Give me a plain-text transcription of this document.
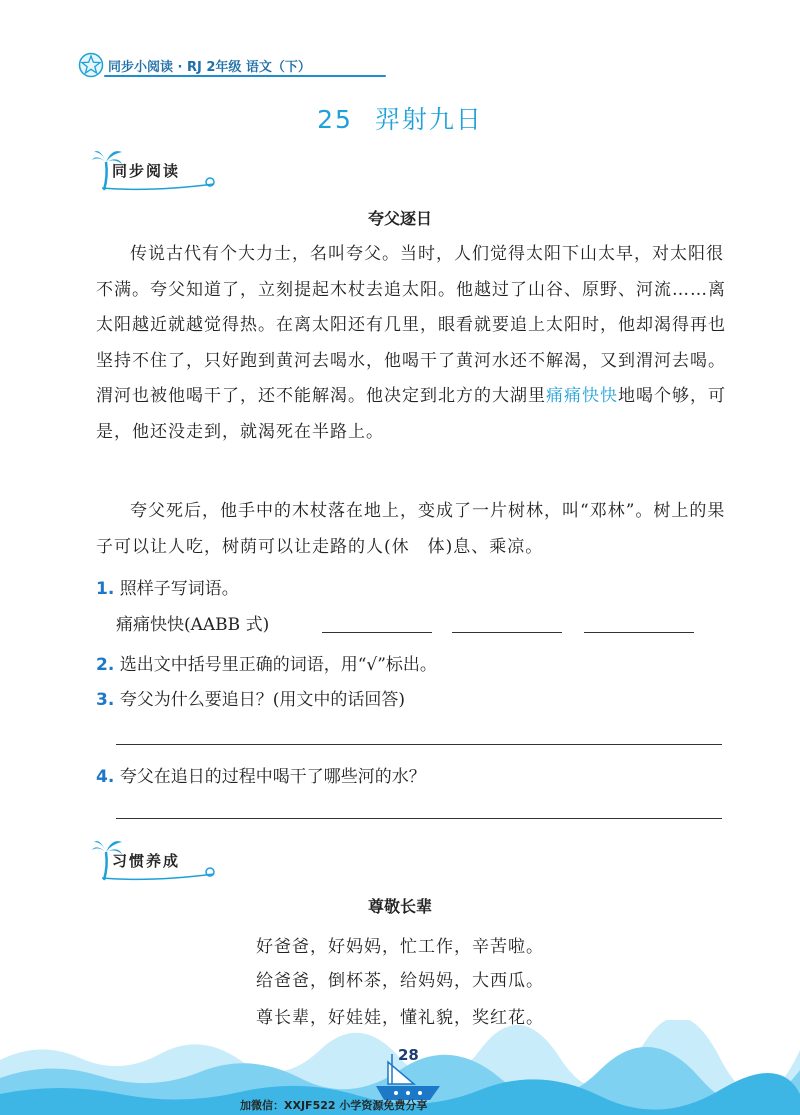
同步小阅读 · RJ 2年级 语文（下）
25 羿射九日
同步阅读
夸父逐日

传说古代有个大力士，名叫夸父。当时，人们觉得太阳下山太早，对太阳很不满。夸父知道了，立刻提起木杖去追太阳。他越过了山谷、原野、河流……离太阳越近就越觉得热。在离太阳还有几里，眼看就要追上太阳时，他却渴得再也坚持不住了，只好跑到黄河去喝水，他喝干了黄河水还不解渴，又到渭河去喝。渭河也被他喝干了，还不能解渴。他决定到北方的大湖里痛痛快快地喝个够，可是，他还没走到，就渴死在半路上。

夸父死后，他手中的木杖落在地上，变成了一片树林，叫“邓林”。树上的果子可以让人吃，树荫可以让走路的人(休　体)息、乘凉。

1. 照样子写词语。
痛痛快快(AABB 式)
2. 选出文中括号里正确的词语，用“√”标出。
3. 夸父为什么要追日？(用文中的话回答)
4. 夸父在追日的过程中喝干了哪些河的水？
习惯养成
尊敬长辈
好爸爸，好妈妈，忙工作，辛苦啦。
给爸爸，倒杯茶，给妈妈，大西瓜。
尊长辈，好娃娃，懂礼貌，奖红花。
28
加微信：XXJF522 小学资源免费分享
